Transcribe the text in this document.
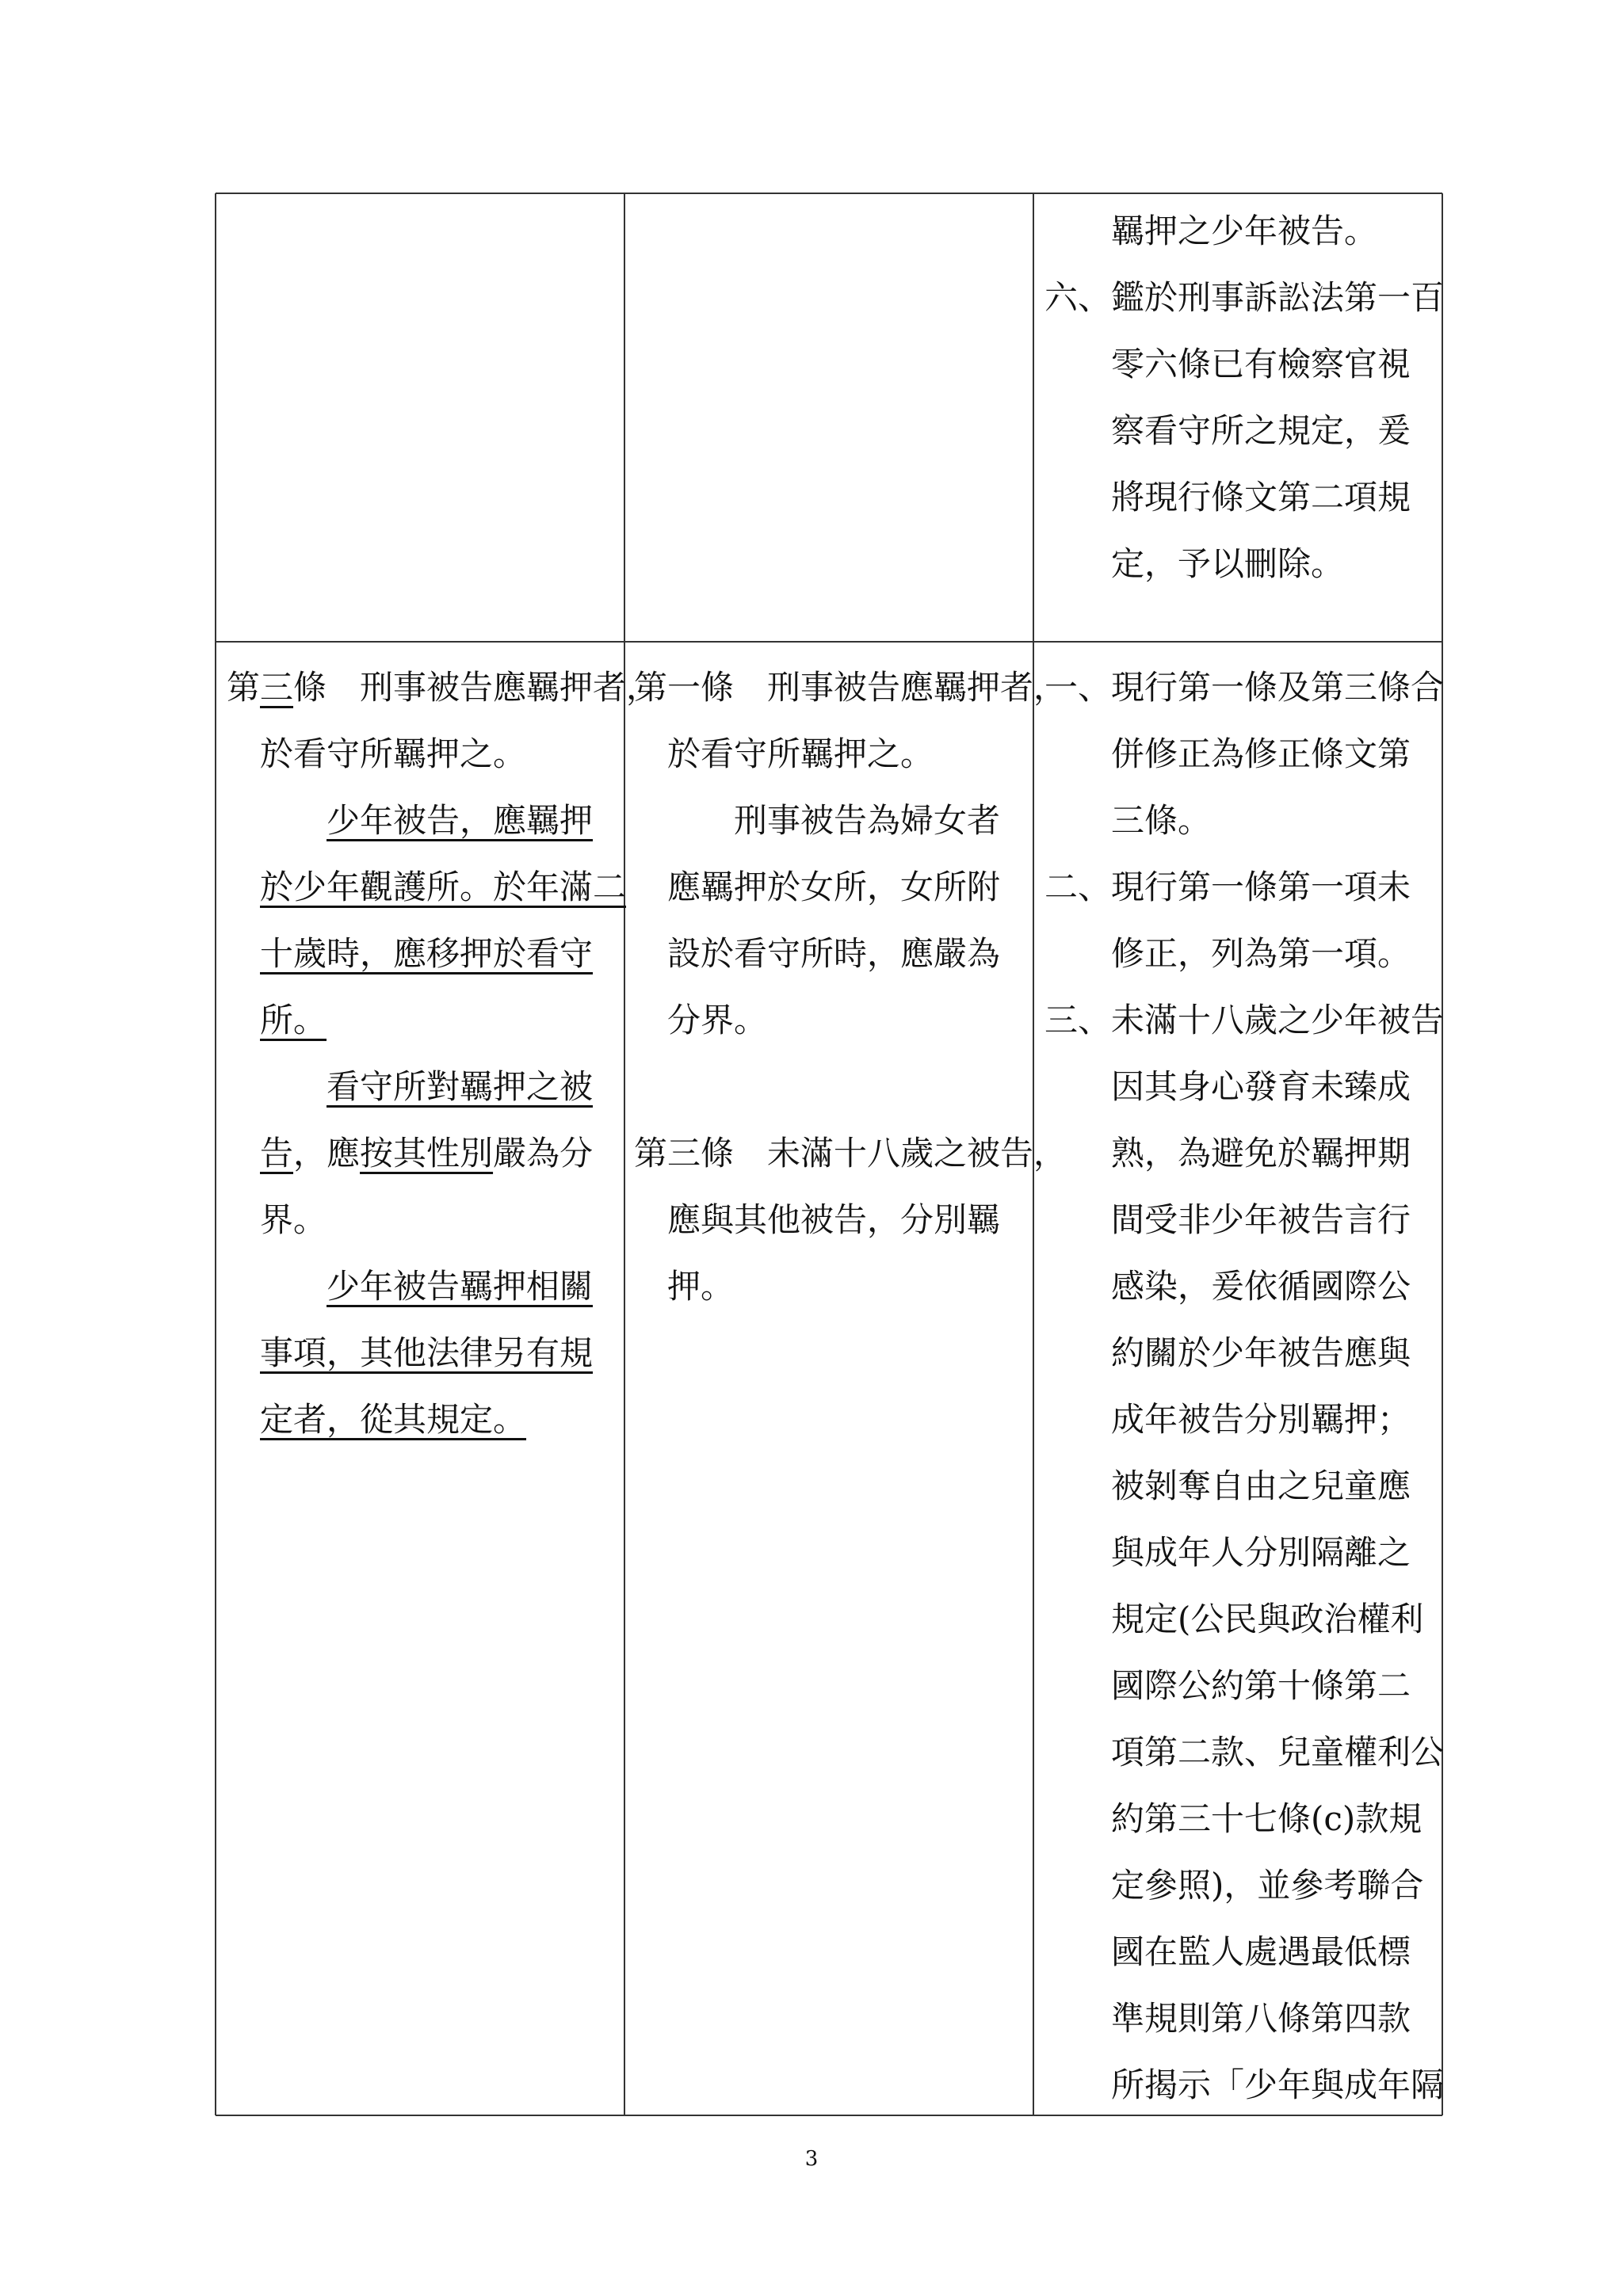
　　羈押之少年被告。
六、鑑於刑事訴訟法第一百
　　零六條已有檢察官視
　　察看守所之規定，爰
　　將現行條文第二項規
　　定，予以刪除。
第三條　刑事被告應羈押者，
　於看守所羈押之。
　　　少年被告，應羈押
　於少年觀護所。於年滿二
　十歲時，應移押於看守
　所。
　　　看守所對羈押之被
　告，應按其性別嚴為分
　界。
　　　少年被告羈押相關
　事項，其他法律另有規
　定者，從其規定。
第一條　刑事被告應羈押者，
　於看守所羈押之。
　　　刑事被告為婦女者
　應羈押於女所，女所附
　設於看守所時，應嚴為
　分界。
第三條　未滿十八歲之被告，
　應與其他被告，分別羈
　押。
一、現行第一條及第三條合
　　併修正為修正條文第
　　三條。
二、現行第一條第一項未
　　修正，列為第一項。
三、未滿十八歲之少年被告
　　因其身心發育未臻成
　　熟，為避免於羈押期
　　間受非少年被告言行
　　感染，爰依循國際公
　　約關於少年被告應與
　　成年被告分別羈押；
　　被剝奪自由之兒童應
　　與成年人分別隔離之
　　規定(公民與政治權利
　　國際公約第十條第二
　　項第二款、兒童權利公
　　約第三十七條(c)款規
　　定參照)，並參考聯合
　　國在監人處遇最低標
　　準規則第八條第四款
　　所揭示「少年與成年隔
3
